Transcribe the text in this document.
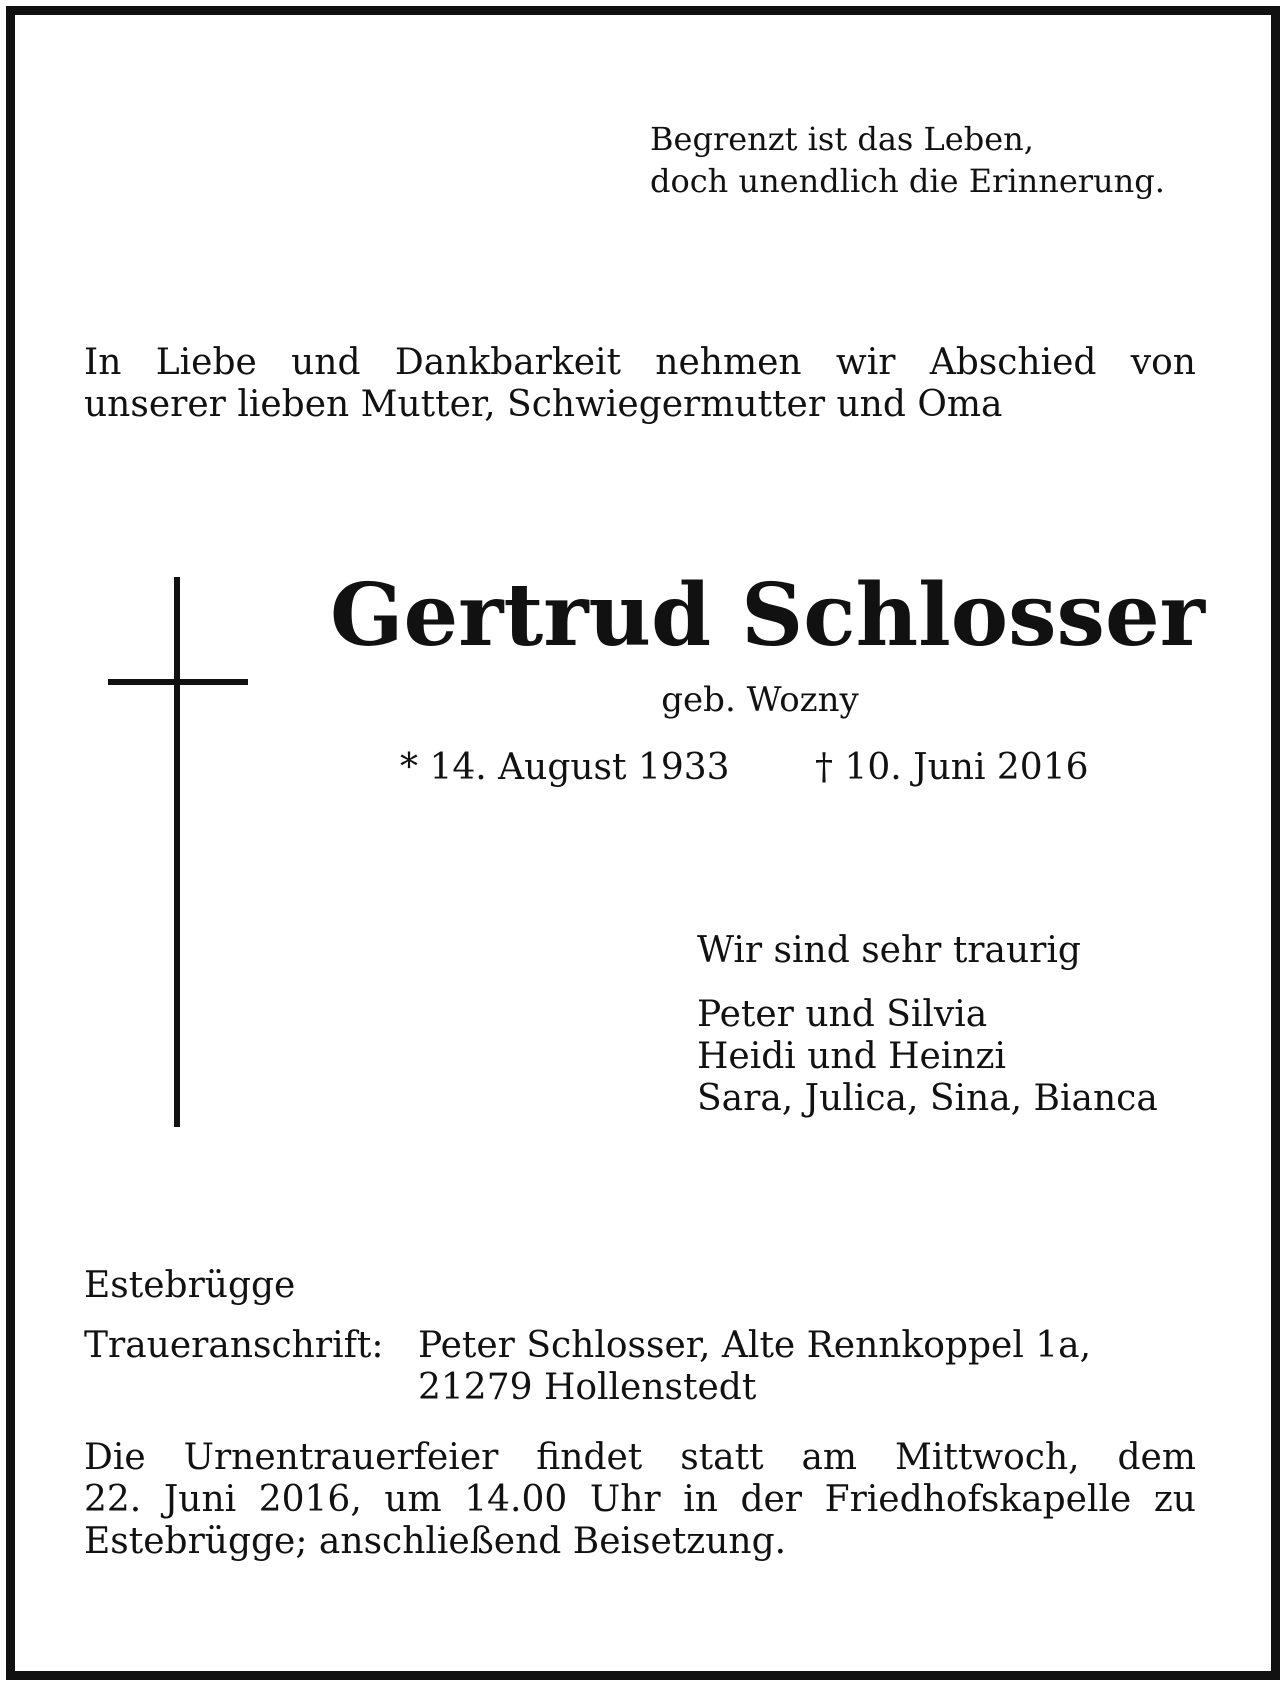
Begrenzt ist das Leben,
doch unendlich die Erinnerung.
In Liebe und Dankbarkeit nehmen wir Abschied von
unserer lieben Mutter, Schwiegermutter und Oma
Gertrud Schlosser
geb. Wozny
* 14. August 1933 † 10. Juni 2016
Wir sind sehr traurig
Peter und Silvia
Heidi und Heinzi
Sara, Julica, Sina, Bianca
Estebrügge
Traueranschrift: Peter Schlosser, Alte Rennkoppel 1a,
21279 Hollenstedt
Die Urnentrauerfeier findet statt am Mittwoch, dem
22. Juni 2016, um 14.00 Uhr in der Friedhofskapelle zu
Estebrügge; anschließend Beisetzung.
